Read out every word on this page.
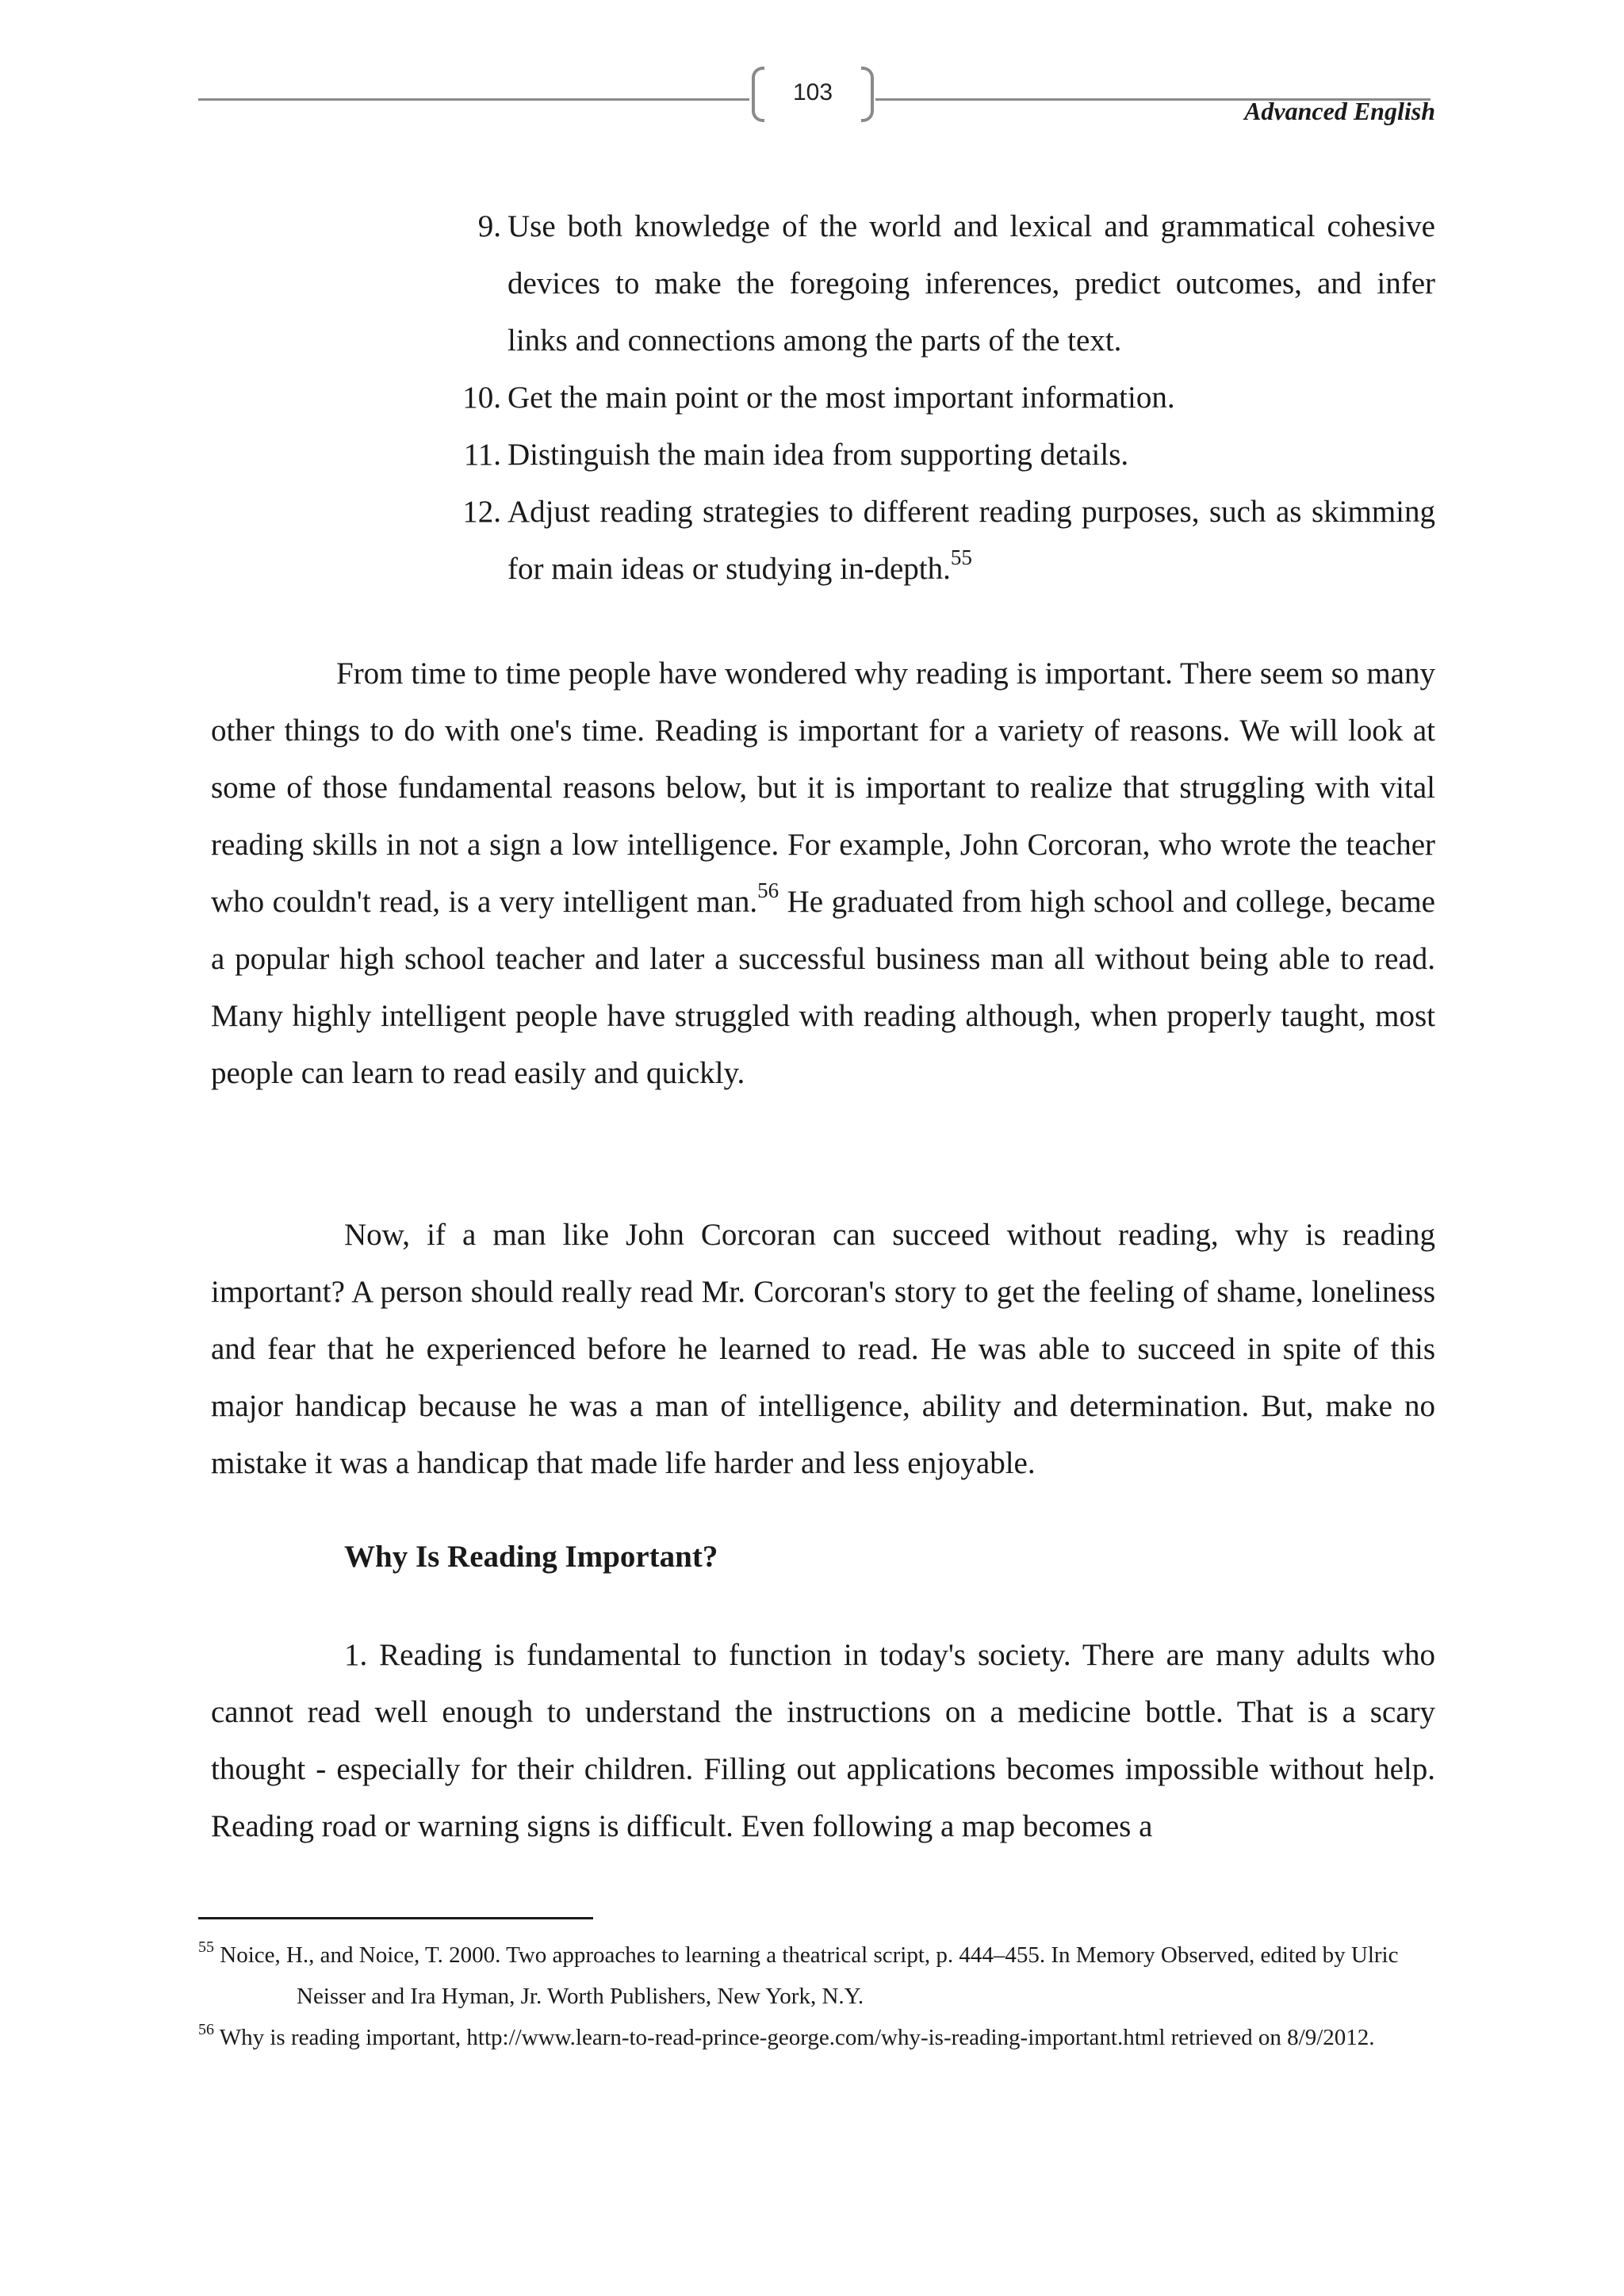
103
Advanced English
9. Use both knowledge of the world and lexical and grammatical cohesive devices to make the foregoing inferences, predict outcomes, and infer links and connections among the parts of the text.
10. Get the main point or the most important information.
11. Distinguish the main idea from supporting details.
12. Adjust reading strategies to different reading purposes, such as skimming for main ideas or studying in-depth.$^{55}$

From time to time people have wondered why reading is important. There seem so many other things to do with one's time. Reading is important for a variety of reasons. We will look at some of those fundamental reasons below, but it is important to realize that struggling with vital reading skills in not a sign a low intelligence. For example, John Corcoran, who wrote the teacher who couldn't read, is a very intelligent man.$^{56}$ He graduated from high school and college, became a popular high school teacher and later a successful business man all without being able to read. Many highly intelligent people have struggled with reading although, when properly taught, most people can learn to read easily and quickly.

Now, if a man like John Corcoran can succeed without reading, why is reading important? A person should really read Mr. Corcoran's story to get the feeling of shame, loneliness and fear that he experienced before he learned to read. He was able to succeed in spite of this major handicap because he was a man of intelligence, ability and determination. But, make no mistake it was a handicap that made life harder and less enjoyable.

Why Is Reading Important?

1. Reading is fundamental to function in today's society. There are many adults who cannot read well enough to understand the instructions on a medicine bottle. That is a scary thought - especially for their children. Filling out applications becomes impossible without help. Reading road or warning signs is difficult. Even following a map becomes a

$^{55}$ Noice, H., and Noice, T. 2000. Two approaches to learning a theatrical script, p. 444–455. In Memory Observed, edited by Ulric Neisser and Ira Hyman, Jr. Worth Publishers, New York, N.Y.
$^{56}$ Why is reading important, http://www.learn-to-read-prince-george.com/why-is-reading-important.html retrieved on 8/9/2012.
